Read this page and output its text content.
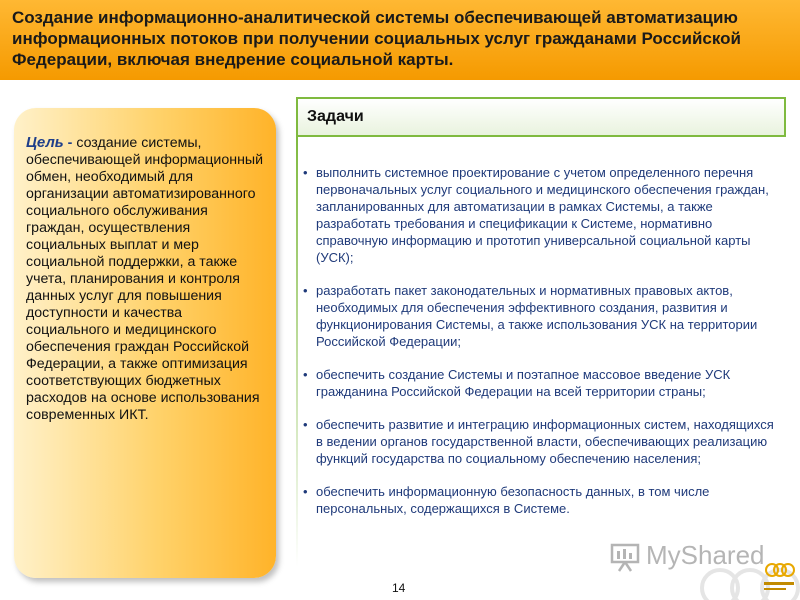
Создание информационно-аналитической системы обеспечивающей автоматизацию информационных потоков при получении социальных услуг гражданами Российской Федерации, включая внедрение социальной карты.
Цель - создание системы, обеспечивающей информационный обмен, необходимый для организации автоматизированного социального обслуживания граждан, осуществления социальных выплат и мер социальной поддержки, а также учета, планирования и контроля данных услуг для повышения доступности и качества социального и медицинского обеспечения граждан Российской Федерации, а также оптимизация соответствующих бюджетных расходов на основе использования современных ИКТ.
Задачи
• выполнить системное проектирование с учетом определенного перечня первоначальных услуг социального и медицинского обеспечения граждан, запланированных для автоматизации в рамках Системы, а также разработать требования и спецификации к Системе, нормативно справочную информацию и прототип универсальной социальной карты (УСК);
• разработать пакет законодательных и нормативных правовых актов, необходимых для обеспечения эффективного создания, развития и функционирования Системы, а также использования УСК на территории Российской Федерации;
• обеспечить создание Системы и поэтапное массовое введение УСК гражданина Российской Федерации на всей территории страны;
• обеспечить развитие и интеграцию информационных систем, находящихся в ведении органов государственной власти, обеспечивающих реализацию функций государства по социальному обеспечению населения;
• обеспечить информационную безопасность данных, в том числе персональных, содержащихся в Системе.
MyShared
14
